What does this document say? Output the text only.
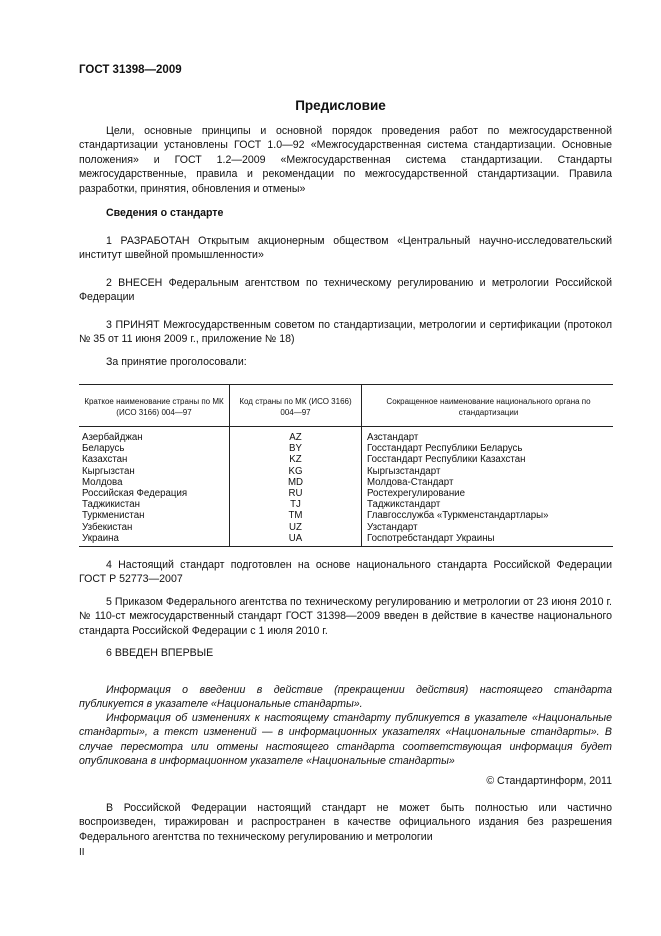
ГОСТ 31398—2009
Предисловие

Цели, основные принципы и основной порядок проведения работ по межгосударственной стандартизации установлены ГОСТ 1.0—92 «Межгосударственная система стандартизации. Основные положения» и ГОСТ 1.2—2009 «Межгосударственная система стандартизации. Стандарты межгосударственные, правила и рекомендации по межгосударственной стандартизации. Правила разработки, принятия, обновления и отмены»

Сведения о стандарте

1 РАЗРАБОТАН Открытым акционерным обществом «Центральный научно-исследовательский институт швейной промышленности»

2 ВНЕСЕН Федеральным агентством по техническому регулированию и метрологии Российской Федерации

3 ПРИНЯТ Межгосударственным советом по стандартизации, метрологии и сертификации (протокол № 35 от 11 июня 2009 г., приложение № 18)

За принятие проголосовали:

Краткое наименование страны по МК (ИСО 3166) 004—97	Код страны по МК (ИСО 3166) 004—97	Сокращенное наименование национального органа по стандартизации
Азербайджан	AZ	Азстандарт
Беларусь	BY	Госстандарт Республики Беларусь
Казахстан	KZ	Госстандарт Республики Казахстан
Кыргызстан	KG	Кыргызстандарт
Молдова	MD	Молдова-Стандарт
Российская Федерация	RU	Ростехрегулирование
Таджикистан	TJ	Таджикстандарт
Туркменистан	TM	Главгосслужба «Туркменстандартлары»
Узбекистан	UZ	Узстандарт
Украина	UA	Госпотребстандарт Украины

4 Настоящий стандарт подготовлен на основе национального стандарта Российской Федерации ГОСТ Р 52773—2007

5 Приказом Федерального агентства по техническому регулированию и метрологии от 23 июня 2010 г. № 110-ст межгосударственный стандарт ГОСТ 31398—2009 введен в действие в качестве национального стандарта Российской Федерации с 1 июля 2010 г.

6 ВВЕДЕН ВПЕРВЫЕ

Информация о введении в действие (прекращении действия) настоящего стандарта публикуется в указателе «Национальные стандарты».

Информация об изменениях к настоящему стандарту публикуется в указателе «Национальные стандарты», а текст изменений — в информационных указателях «Национальные стандарты». В случае пересмотра или отмены настоящего стандарта соответствующая информация будет опубликована в информационном указателе «Национальные стандарты»

© Стандартинформ, 2011

В Российской Федерации настоящий стандарт не может быть полностью или частично воспроизведен, тиражирован и распространен в качестве официального издания без разрешения Федерального агентства по техническому регулированию и метрологии

II
